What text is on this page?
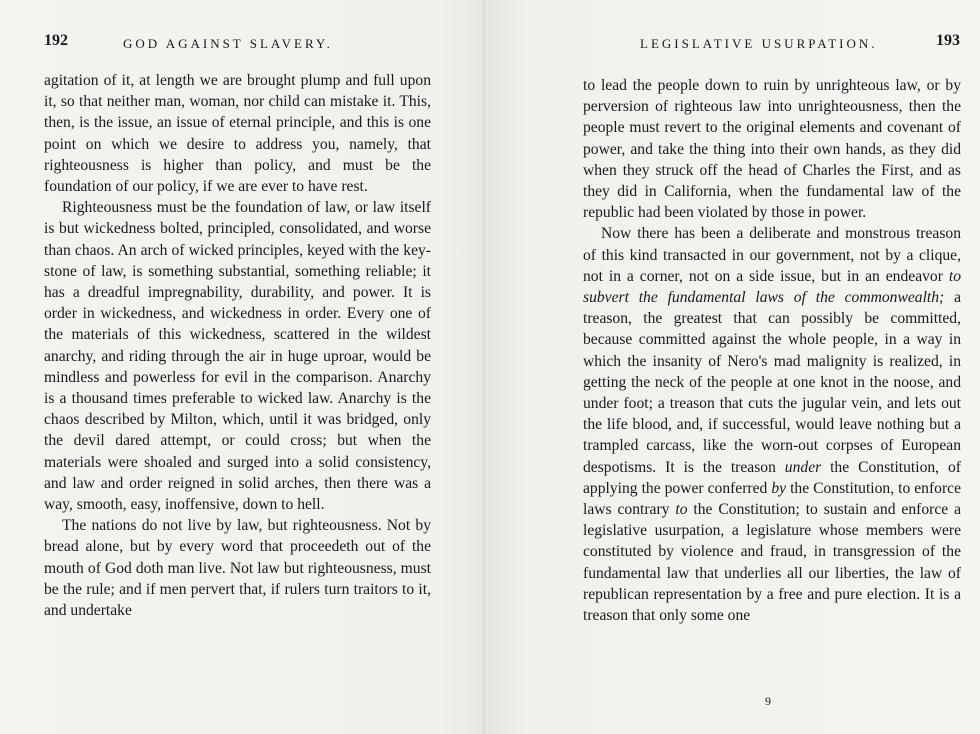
192	GOD AGAINST SLAVERY.

agitation of it, at length we are brought plump and full upon it, so that neither man, woman, nor child can mistake it. This, then, is the issue, an issue of eternal principle, and this is one point on which we desire to address you, namely, that righteousness is higher than policy, and must be the foundation of our policy, if we are ever to have rest.

Righteousness must be the foundation of law, or law itself is but wickedness bolted, principled, consolidated, and worse than chaos. An arch of wicked principles, keyed with the key-stone of law, is something substantial, something reliable; it has a dreadful impregnability, durability, and power. It is order in wickedness, and wickedness in order. Every one of the materials of this wickedness, scattered in the wildest anarchy, and riding through the air in huge uproar, would be mindless and powerless for evil in the comparison. Anarchy is a thousand times preferable to wicked law. Anarchy is the chaos described by Milton, which, until it was bridged, only the devil dared attempt, or could cross; but when the materials were shoaled and surged into a solid consistency, and law and order reigned in solid arches, then there was a way, smooth, easy, inoffensive, down to hell.

The nations do not live by law, but righteousness. Not by bread alone, but by every word that proceedeth out of the mouth of God doth man live. Not law but righteousness, must be the rule; and if men pervert that, if rulers turn traitors to it, and undertake

LEGISLATIVE USURPATION.	193

to lead the people down to ruin by unrighteous law, or by perversion of righteous law into unrighteousness, then the people must revert to the original elements and covenant of power, and take the thing into their own hands, as they did when they struck off the head of Charles the First, and as they did in California, when the fundamental law of the republic had been violated by those in power.

Now there has been a deliberate and monstrous treason of this kind transacted in our government, not by a clique, not in a corner, not on a side issue, but in an endeavor to subvert the fundamental laws of the commonwealth; a treason, the greatest that can possibly be committed, because committed against the whole people, in a way in which the insanity of Nero's mad malignity is realized, in getting the neck of the people at one knot in the noose, and under foot; a treason that cuts the jugular vein, and lets out the life blood, and, if successful, would leave nothing but a trampled carcass, like the worn-out corpses of European despotisms. It is the treason under the Constitution, of applying the power conferred by the Constitution, to enforce laws contrary to the Constitution; to sustain and enforce a legislative usurpation, a legislature whose members were constituted by violence and fraud, in transgression of the fundamental law that underlies all our liberties, the law of republican representation by a free and pure election. It is a treason that only some one

9
